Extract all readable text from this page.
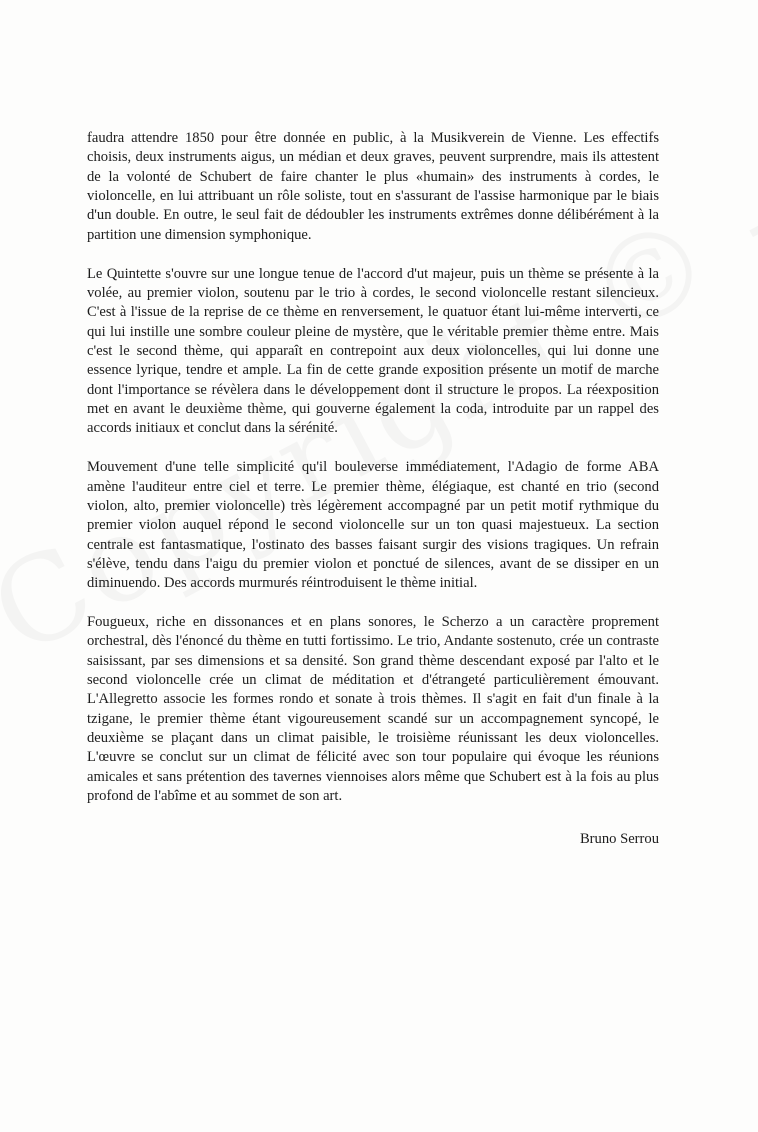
faudra attendre 1850 pour être donnée en public, à la Musikverein de Vienne. Les effectifs choisis, deux instruments aigus, un médian et deux graves, peuvent surprendre, mais ils attestent de la volonté de Schubert de faire chanter le plus «humain» des instruments à cordes, le violoncelle, en lui attribuant un rôle soliste, tout en s'assurant de l'assise harmonique par le biais d'un double. En outre, le seul fait de dédoubler les instruments extrêmes donne délibérément à la partition une dimension symphonique.

Le Quintette s'ouvre sur une longue tenue de l'accord d'ut majeur, puis un thème se présente à la volée, au premier violon, soutenu par le trio à cordes, le second violoncelle restant silencieux. C'est à l'issue de la reprise de ce thème en renversement, le quatuor étant lui-même interverti, ce qui lui instille une sombre couleur pleine de mystère, que le véritable premier thème entre. Mais c'est le second thème, qui apparaît en contrepoint aux deux violoncelles, qui lui donne une essence lyrique, tendre et ample. La fin de cette grande exposition présente un motif de marche dont l'importance se révèlera dans le développement dont il structure le propos. La réexposition met en avant le deuxième thème, qui gouverne également la coda, introduite par un rappel des accords initiaux et conclut dans la sérénité.

Mouvement d'une telle simplicité qu'il bouleverse immédiatement, l'Adagio de forme ABA amène l'auditeur entre ciel et terre. Le premier thème, élégiaque, est chanté en trio (second violon, alto, premier violoncelle) très légèrement accompagné par un petit motif rythmique du premier violon auquel répond le second violoncelle sur un ton quasi majestueux. La section centrale est fantasmatique, l'ostinato des basses faisant surgir des visions tragiques. Un refrain s'élève, tendu dans l'aigu du premier violon et ponctué de silences, avant de se dissiper en un diminuendo. Des accords murmurés réintroduisent le thème initial.

Fougueux, riche en dissonances et en plans sonores, le Scherzo a un caractère proprement orchestral, dès l'énoncé du thème en tutti fortissimo. Le trio, Andante sostenuto, crée un contraste saisissant, par ses dimensions et sa densité. Son grand thème descendant exposé par l'alto et le second violoncelle crée un climat de méditation et d'étrangeté particulièrement émouvant. L'Allegretto associe les formes rondo et sonate à trois thèmes. Il s'agit en fait d'un finale à la tzigane, le premier thème étant vigoureusement scandé sur un accompagnement syncopé, le deuxième se plaçant dans un climat paisible, le troisième réunissant les deux violoncelles. L'œuvre se conclut sur un climat de félicité avec son tour populaire qui évoque les réunions amicales et sans prétention des tavernes viennoises alors même que Schubert est à la fois au plus profond de l'abîme et au sommet de son art.

Bruno Serrou
